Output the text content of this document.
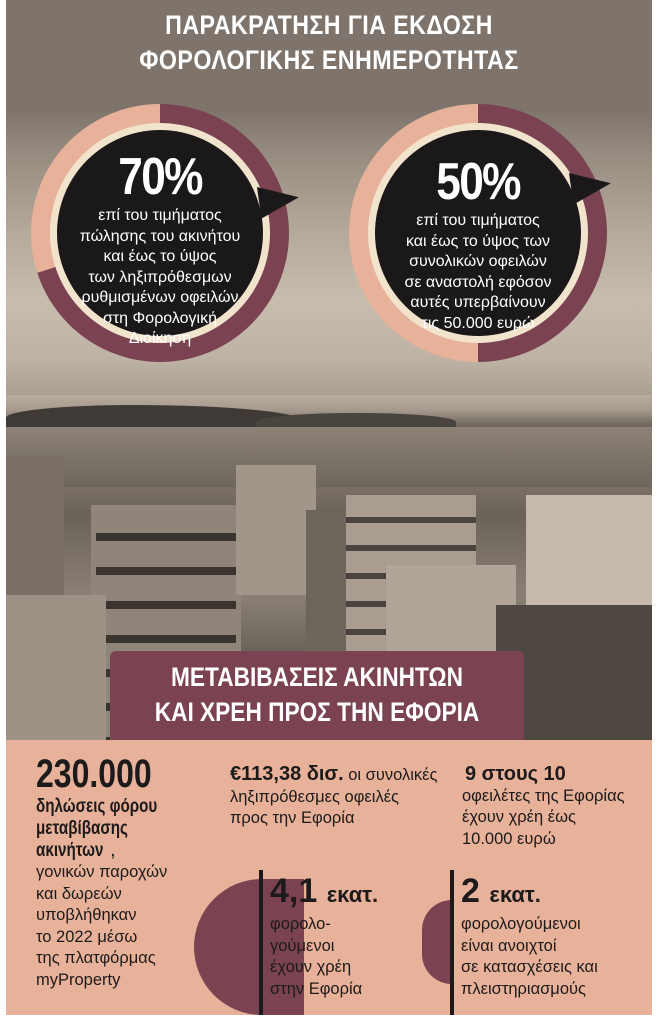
ΠΑΡΑΚΡΑΤΗΣΗ ΓΙΑ ΕΚΔΟΣΗ
ΦΟΡΟΛΟΓΙΚΗΣ ΕΝΗΜΕΡΟΤΗΤΑΣ
70%
επί του τιμήματος
πώλησης του ακινήτου
και έως το ύψος
των ληξιπρόθεσμων
ρυθμισμένων οφειλών
στη Φορολογική
Διοίκηση
50%
επί του τιμήματος
και έως το ύψος των
συνολικών οφειλών
σε αναστολή εφόσον
αυτές υπερβαίνουν
τις 50.000 ευρώ
ΜΕΤΑΒΙΒΑΣΕΙΣ ΑΚΙΝΗΤΩΝ
ΚΑΙ ΧΡΕΗ ΠΡΟΣ ΤΗΝ ΕΦΟΡΙΑ
230.000
δηλώσεις φόρου
μεταβίβασης
ακινήτων ,
γονικών παροχών
και δωρεών
υποβλήθηκαν
το 2022 μέσω
της πλατφόρμας
myProperty
€113,38 δισ. οι συνολικές
ληξιπρόθεσμες οφειλές
προς την Εφορία
9 στους 10
οφειλέτες της Εφορίας
έχουν χρέη έως
10.000 ευρώ
4,1 εκατ.
φορολο-
γούμενοι
έχουν χρέη
στην Εφορία
2 εκατ.
φορολογούμενοι
είναι ανοιχτοί
σε κατασχέσεις και
πλειστηριασμούς
